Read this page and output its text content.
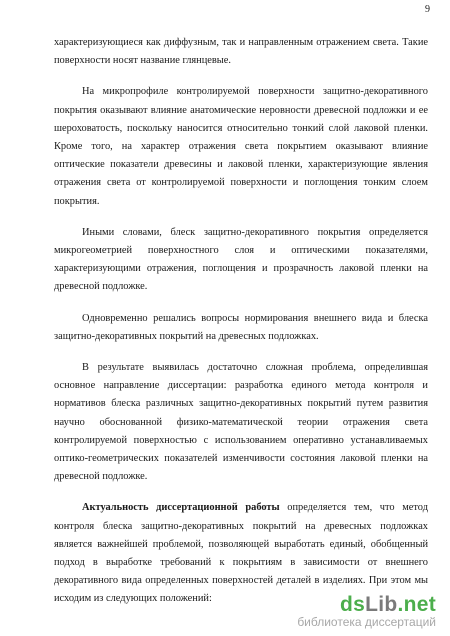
9

характеризующиеся как диффузным, так и направленным отражением света. Такие поверхности носят название глянцевые.

На микропрофиле контролируемой поверхности защитно-декоративного покрытия оказывают влияние анатомические неровности древесной подложки и ее шероховатость, поскольку наносится относительно тонкий слой лаковой пленки. Кроме того, на характер отражения света покрытием оказывают влияние оптические показатели древесины и лаковой пленки, характеризующие явления отражения света от контролируемой поверхности и поглощения тонким слоем покрытия.

Иными словами, блеск защитно-декоративного покрытия определяется микрогеометрией поверхностного слоя и оптическими показателями, характеризующими отражения, поглощения и прозрачность лаковой пленки на древесной подложке.

Одновременно решались вопросы нормирования внешнего вида и блеска защитно-декоративных покрытий на древесных подложках.

В результате выявилась достаточно сложная проблема, определившая основное направление диссертации: разработка единого метода контроля и нормативов блеска различных защитно-декоративных покрытий путем развития научно обоснованной физико-математической теории отражения света контролируемой поверхностью с использованием оперативно устанавливаемых оптико-геометрических показателей изменчивости состояния лаковой пленки на древесной подложке.

Актуальность диссертационной работы определяется тем, что метод контроля блеска защитно-декоративных покрытий на древесных подложках является важнейшей проблемой, позволяющей выработать единый, обобщенный подход в выработке требований к покрытиям в зависимости от внешнего декоративного вида определенных поверхностей деталей в изделиях. При этом мы исходим из следующих положений:	dsLib.net
библиотека диссертаций
